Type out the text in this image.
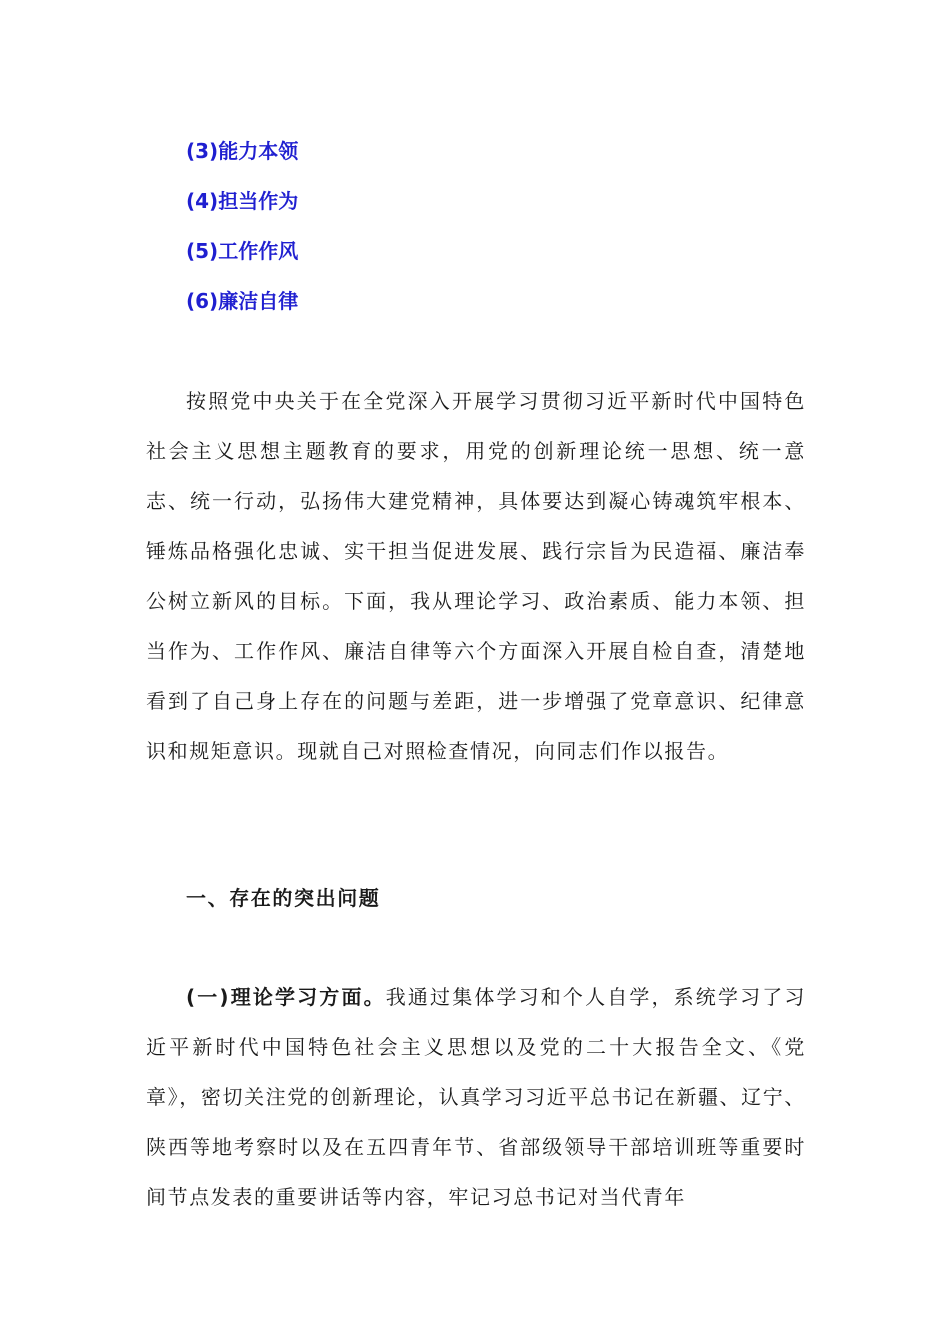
(3)能力本领
(4)担当作为
(5)工作作风
(6)廉洁自律

按照党中央关于在全党深入开展学习贯彻习近平新时代中国特色社会主义思想主题教育的要求，用党的创新理论统一思想、统一意志、统一行动，弘扬伟大建党精神，具体要达到凝心铸魂筑牢根本、锤炼品格强化忠诚、实干担当促进发展、践行宗旨为民造福、廉洁奉公树立新风的目标。下面，我从理论学习、政治素质、能力本领、担当作为、工作作风、廉洁自律等六个方面深入开展自检自查，清楚地看到了自己身上存在的问题与差距，进一步增强了党章意识、纪律意识和规矩意识。现就自己对照检查情况，向同志们作以报告。

一、存在的突出问题

(一)理论学习方面。我通过集体学习和个人自学，系统学习了习近平新时代中国特色社会主义思想以及党的二十大报告全文、《党章》，密切关注党的创新理论，认真学习习近平总书记在新疆、辽宁、陕西等地考察时以及在五四青年节、省部级领导干部培训班等重要时间节点发表的重要讲话等内容，牢记习总书记对当代青年
